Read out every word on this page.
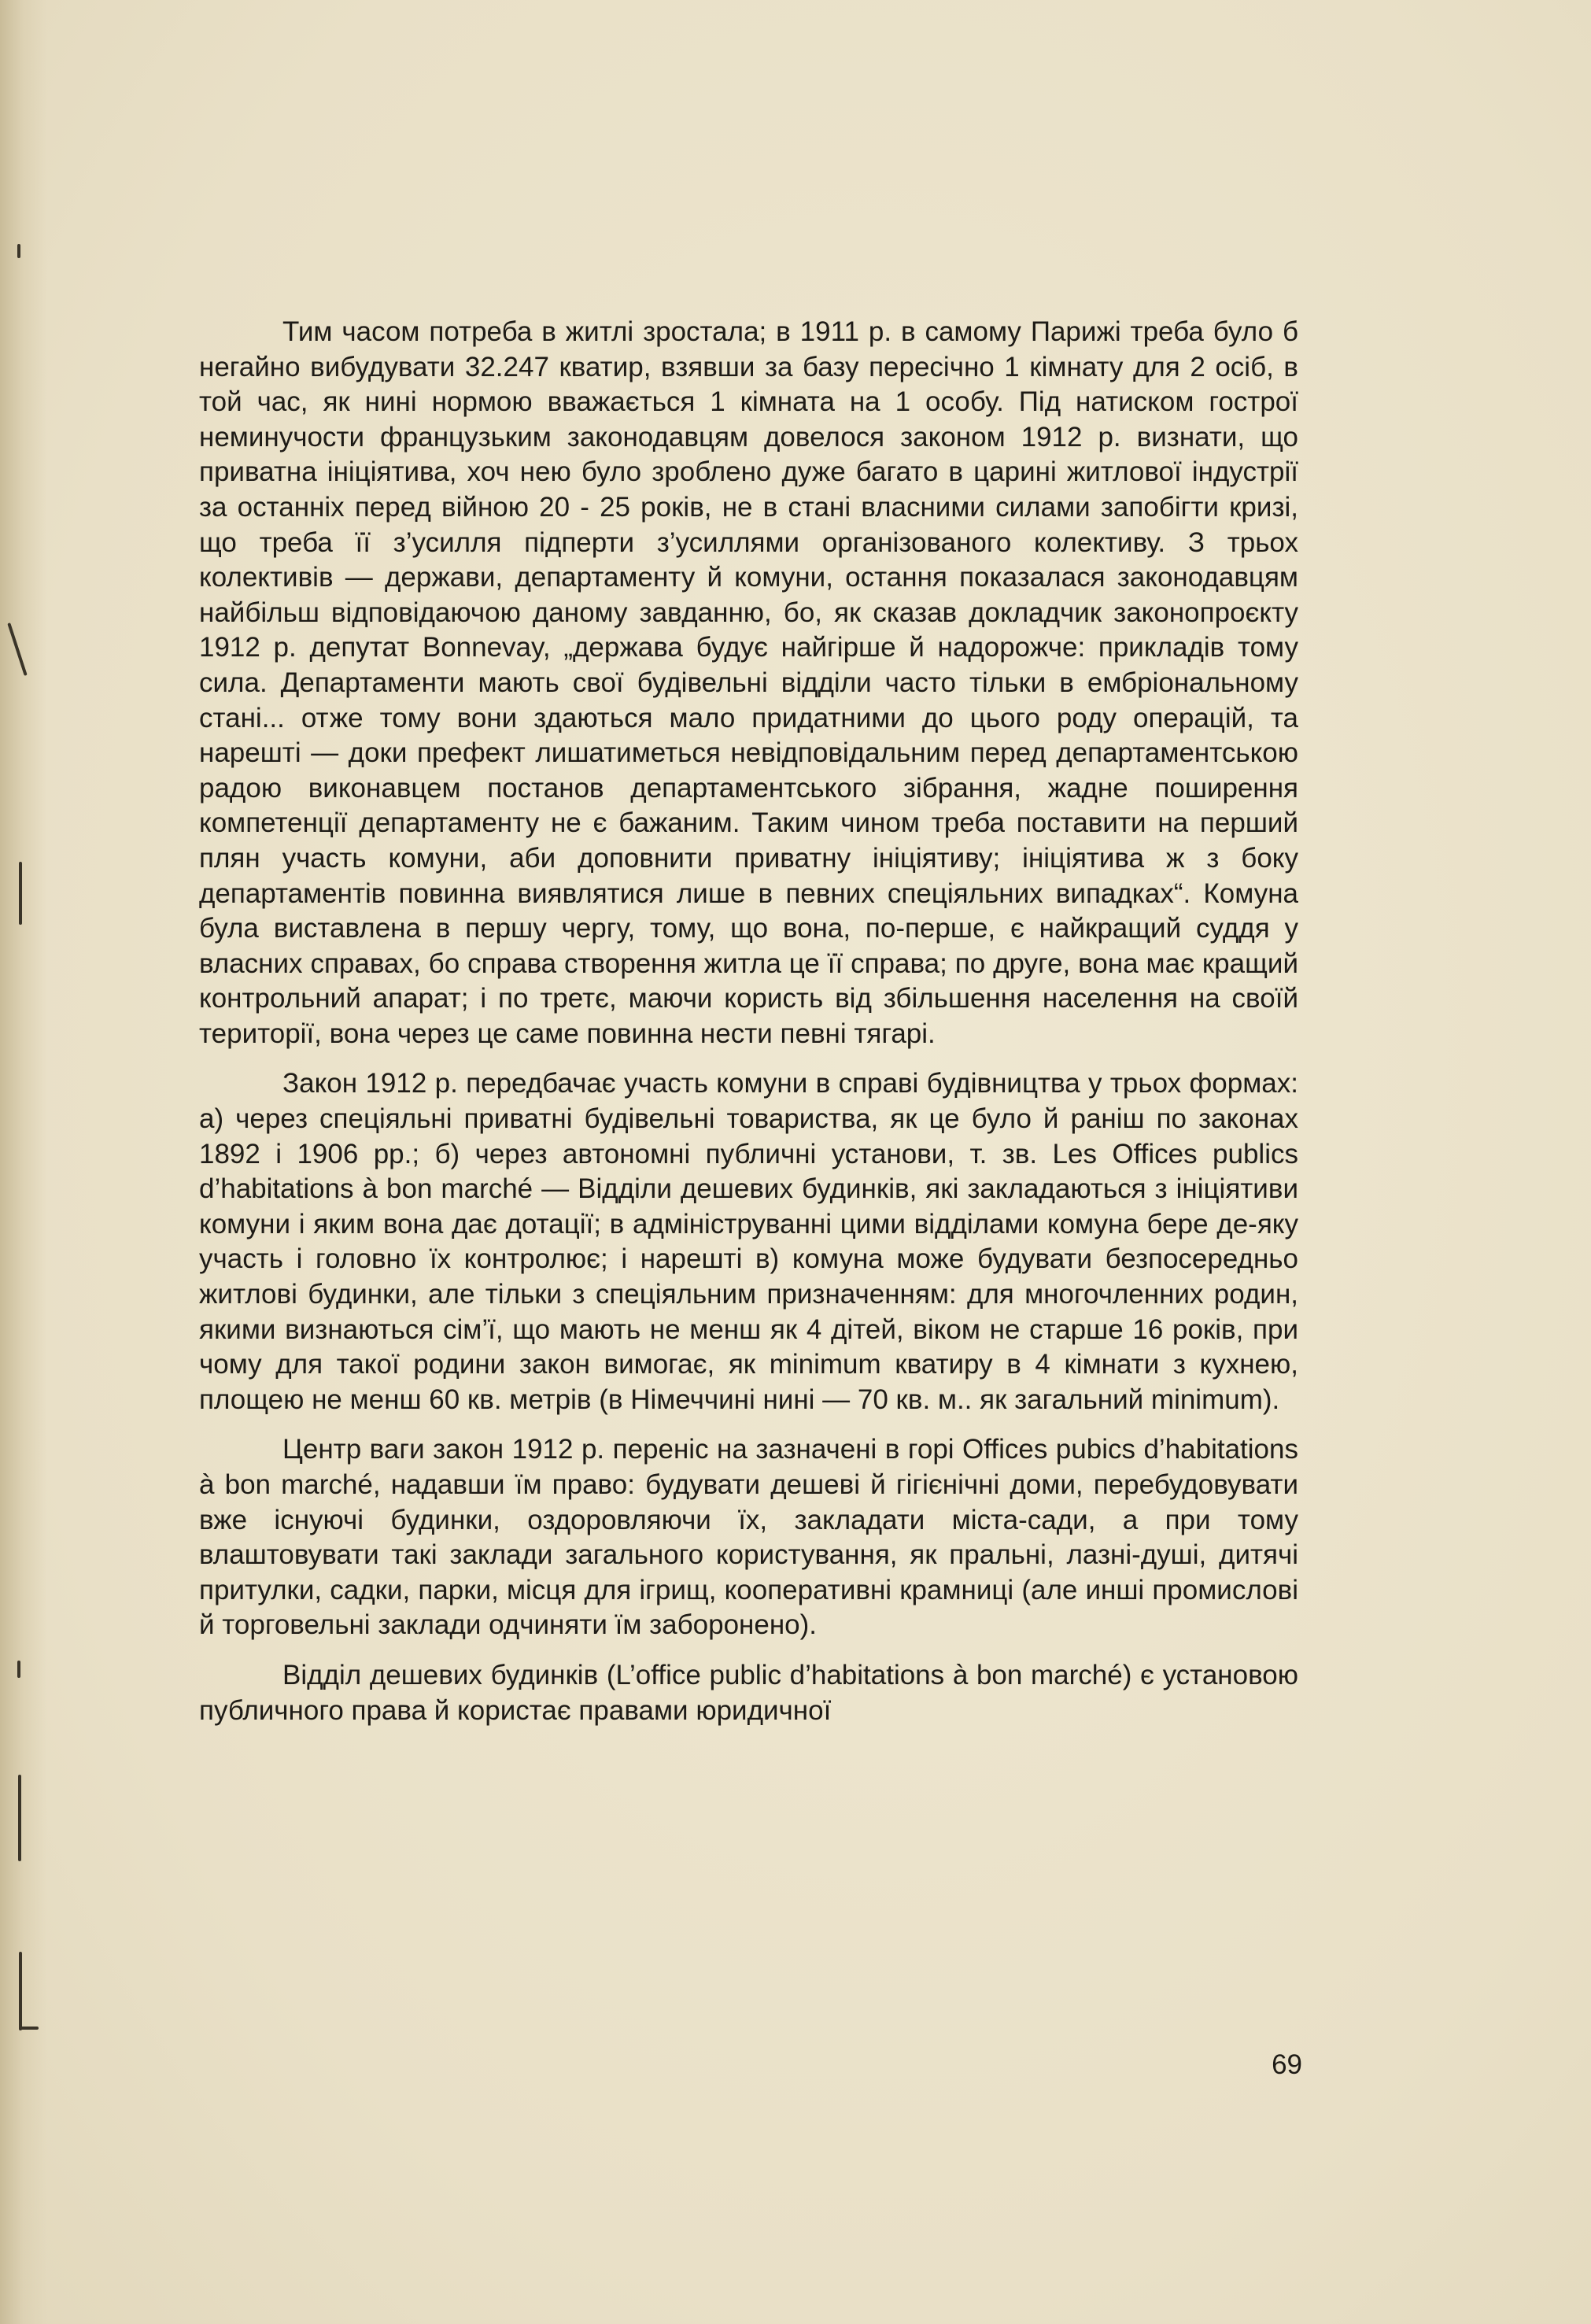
Тим часом потреба в житлі зростала; в 1911 р. в самому Парижі треба було б негайно вибудувати 32.247 кватир, взявши за базу пересічно 1 кімнату для 2 осіб, в той час, як нині нормою вважається 1 кімната на 1 особу. Під натиском гострої неминучости французьким законодавцям довелося законом 1912 р. визнати, що приватна ініціятива, хоч нею було зроблено дуже багато в царині житлової індустрії за останніх перед війною 20 - 25 років, не в стані власними силами запобігти кризі, що треба її з’усилля підперти з’усиллями організованого колективу. З трьох колективів — держави, департаменту й комуни, остання показалася законодавцям найбільш відповідаючою даному завданню, бо, як сказав докладчик законопроєкту 1912 р. депутат Bonnevay, „держава будує найгірше й надорожче: прикладів тому сила. Департаменти мають свої будівельні відділи часто тільки в ембріональному стані... отже тому вони здаються мало придатними до цього роду операцій, та нарешті — доки префект лишатиметься невідповідальним перед департаментською радою виконавцем постанов департаментського зібрання, жадне поширення компетенції департаменту не є бажаним. Таким чином треба поставити на перший плян участь комуни, аби доповнити приватну ініціятиву; ініціятива ж з боку департаментів повинна виявлятися лише в певних спеціяльних випадках“. Комуна була виставлена в першу чергу, тому, що вона, по-перше, є найкращий суддя у власних справах, бо справа створення житла це її справа; по друге, вона має кращий контрольний апарат; і по третє, маючи користь від збільшення населення на своїй території, вона через це саме повинна нести певні тягарі.

Закон 1912 р. передбачає участь комуни в справі будівництва у трьох формах: а) через спеціяльні приватні будівельні товариства, як це було й раніш по законах 1892 і 1906 рр.; б) через автономні публичні установи, т. зв. Les Offices publics d’habitations à bon marché — Відділи дешевих будинків, які закладаються з ініціятиви комуни і яким вона дає дотації; в адмініструванні цими відділами комуна бере де-яку участь і головно їх контролює; і нарешті в) комуна може будувати безпосередньо житлові будинки, але тільки з спеціяльним призначенням: для многочленних родин, якими визнаються сім’ї, що мають не менш як 4 дітей, віком не старше 16 років, при чому для такої родини закон вимогає, як minimum кватиру в 4 кімнати з кухнею, площею не менш 60 кв. метрів (в Німеччині нині — 70 кв. м.. як загальний minimum).

Центр ваги закон 1912 р. переніс на зазначені в горі Offices pubics d’habitations à bon marché, надавши їм право: будувати дешеві й гігієнічні доми, перебудовувати вже існуючі будинки, оздоровляючи їх, закладати міста-сади, а при тому влаштовувати такі заклади загального користування, як пральні, лазні-душі, дитячі притулки, садки, парки, місця для ігрищ, кооперативні крамниці (але инші промислові й торговельні заклади одчиняти їм заборонено).

Відділ дешевих будинків (L’office public d’habitations à bon marché) є установою публичного права й користає правами юридичної

69
